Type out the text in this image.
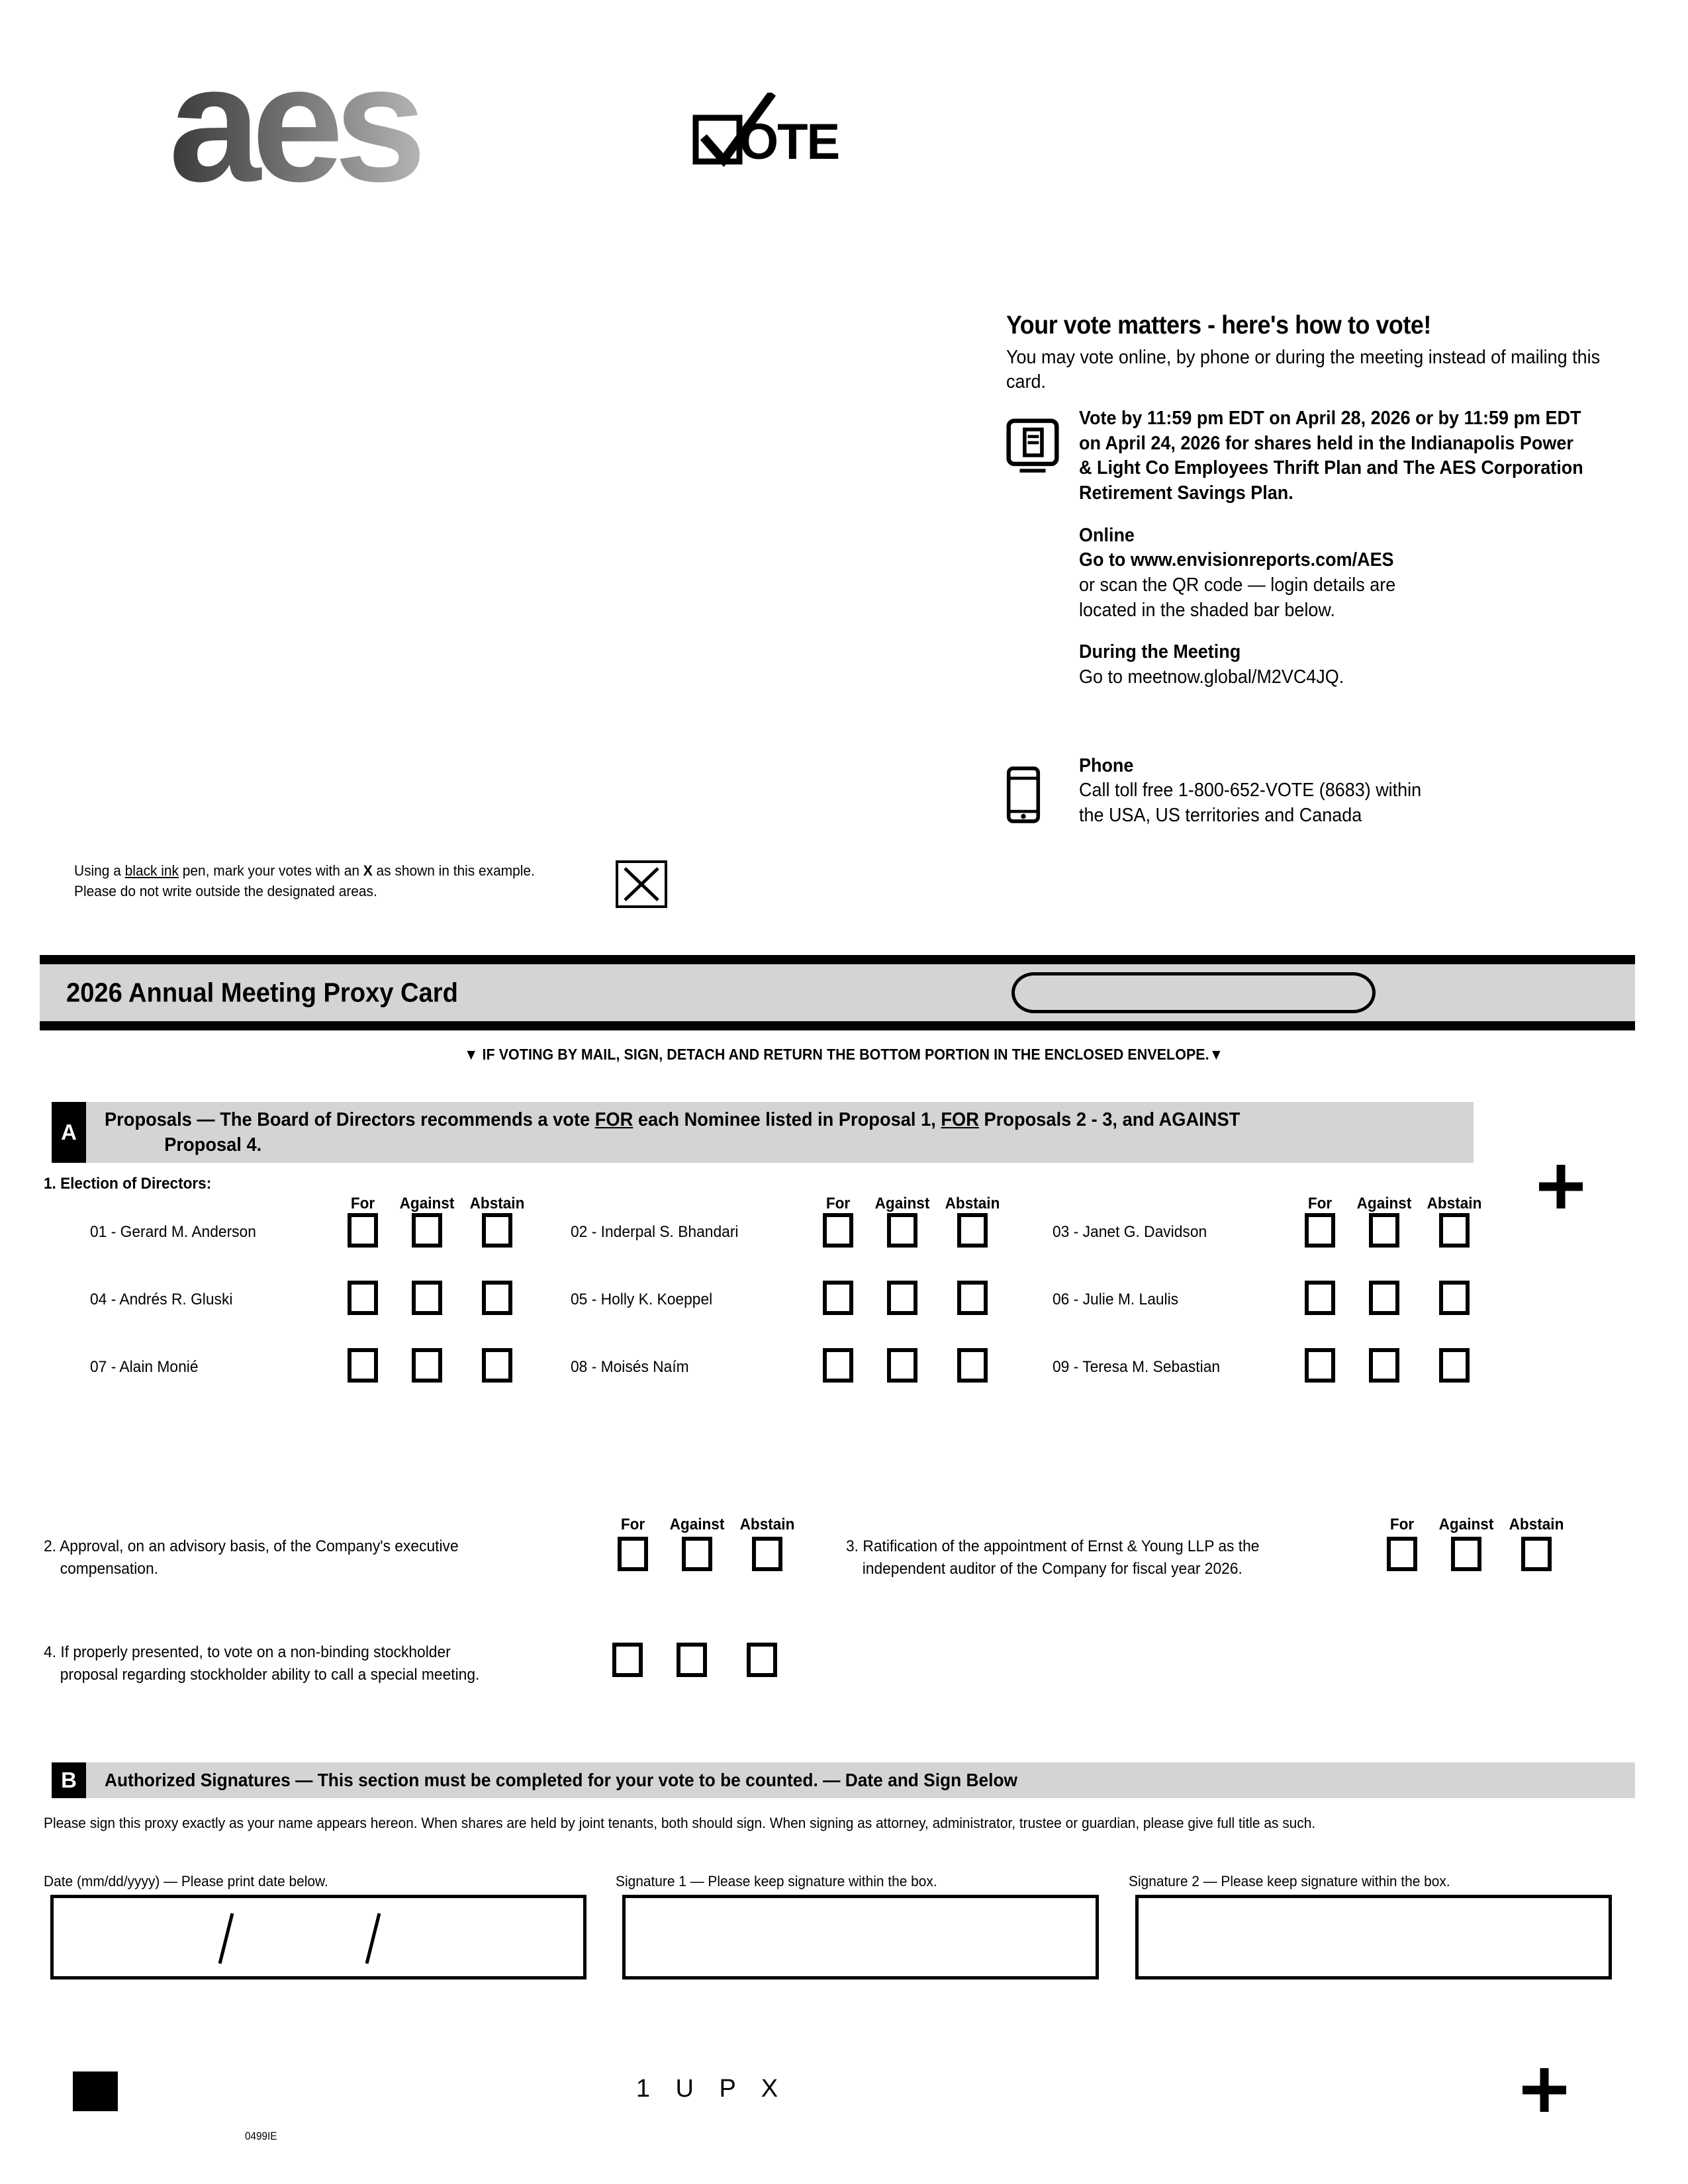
aes	OTE
Your vote matters - here's how to vote!
You may vote online, by phone or during the meeting instead of mailing this card.
Vote by 11:59 pm EDT on April 28, 2026 or by 11:59 pm EDT on April 24, 2026 for shares held in the Indianapolis Power & Light Co Employees Thrift Plan and The AES Corporation Retirement Savings Plan.
Online
Go to www.envisionreports.com/AES
or scan the QR code — login details are
located in the shaded bar below.
During the Meeting
Go to meetnow.global/M2VC4JQ.
Phone
Call toll free 1-800-652-VOTE (8683) within
the USA, US territories and Canada
Using a black ink pen, mark your votes with an X as shown in this example.
Please do not write outside the designated areas.
2026 Annual Meeting Proxy Card
▼ IF VOTING BY MAIL, SIGN, DETACH AND RETURN THE BOTTOM PORTION IN THE ENCLOSED ENVELOPE.▼
A
Proposals — The Board of Directors recommends a vote FOR each Nominee listed in Proposal 1, FOR Proposals 2 - 3, and AGAINST
Proposal 4.
1. Election of Directors:
For	Against Abstain	For	Against Abstain	For	Against Abstain
01 - Gerard M. Anderson	02 - Inderpal S. Bhandari	03 - Janet G. Davidson
04 - Andrés R. Gluski	05 - Holly K. Koeppel	06 - Julie M. Laulis
07 - Alain Monié	08 - Moisés Naím	09 - Teresa M. Sebastian
2. Approval, on an advisory basis, of the Company's executive
compensation.
For	Against Abstain
3. Ratification of the appointment of Ernst & Young LLP as the
independent auditor of the Company for fiscal year 2026.
For	Against Abstain
4. If properly presented, to vote on a non-binding stockholder
proposal regarding stockholder ability to call a special meeting.
B	Authorized Signatures — This section must be completed for your vote to be counted. — Date and Sign Below
Please sign this proxy exactly as your name appears hereon. When shares are held by joint tenants, both should sign. When signing as attorney, administrator, trustee or guardian, please give full title as such.
Date (mm/dd/yyyy) — Please print date below.	Signature 1 — Please keep signature within the box.	Signature 2 — Please keep signature within the box.
1 U P X
0499IE
